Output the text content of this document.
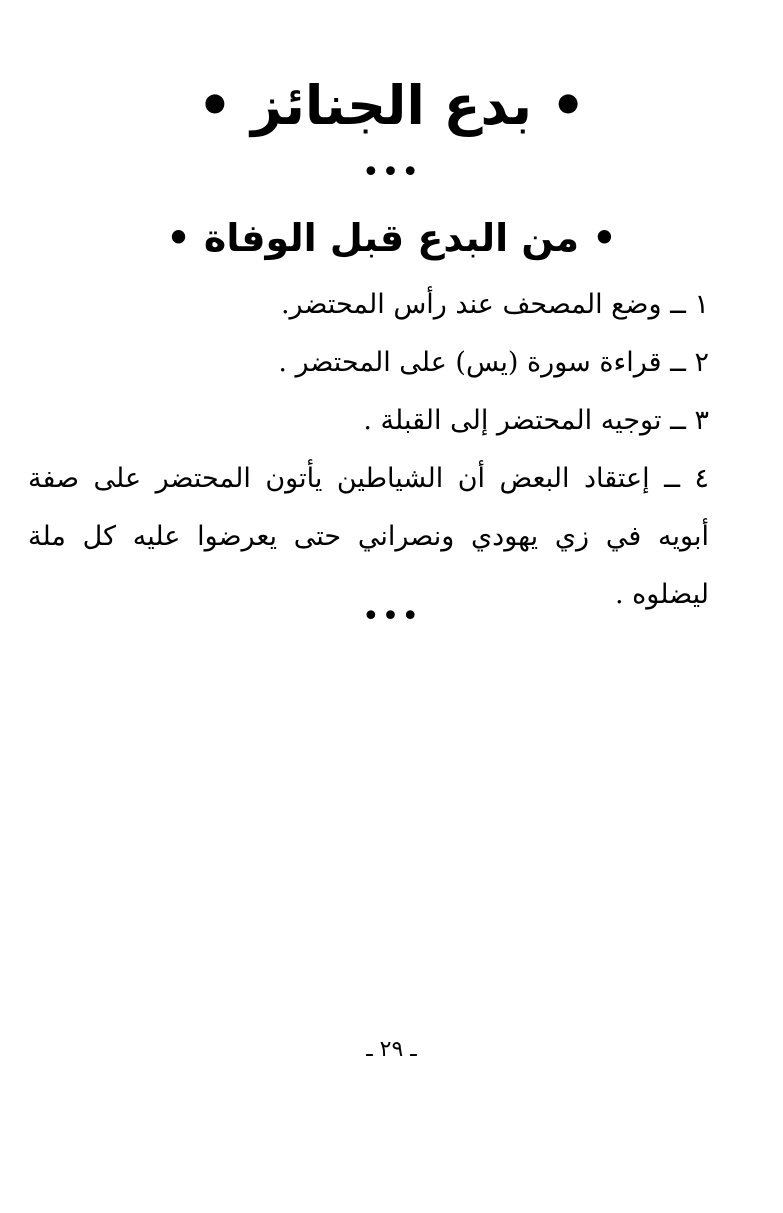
• بدع الجنائز •
•••
• من البدع قبل الوفاة •
١ ــ وضع المصحف عند رأس المحتضر.
٢ ــ قراءة سورة (يس) على المحتضر .
٣ ــ توجيه المحتضر إلى القبلة .
٤ ــ إعتقاد البعض أن الشياطين يأتون المحتضر على صفة أبويه في زي يهودي ونصراني حتى يعرضوا عليه كل ملة ليضلوه .
•••
ـ ٢٩ ـ
